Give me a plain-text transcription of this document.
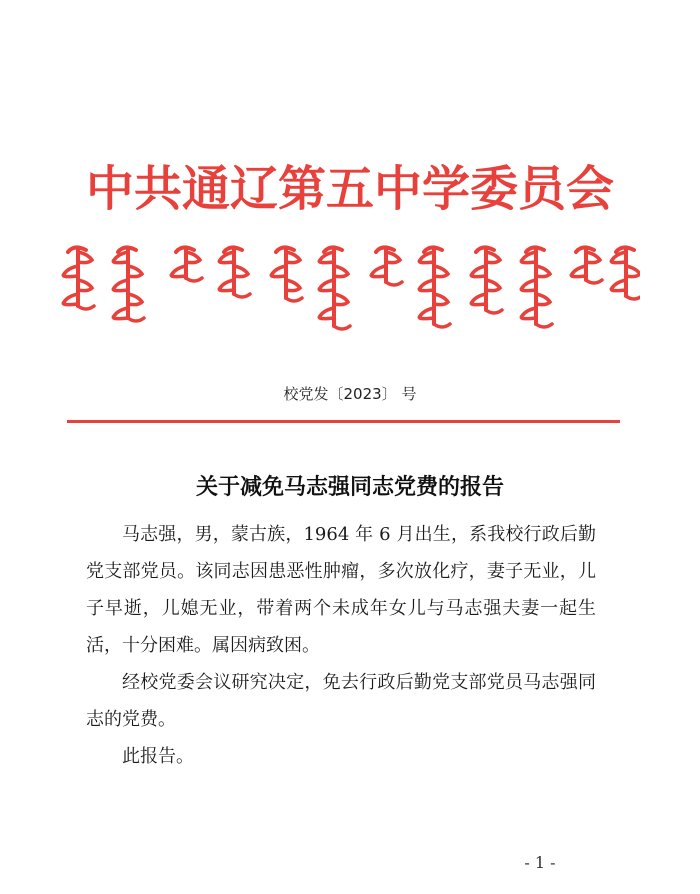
中共通辽第五中学委员会
校党发〔2023〕 号
关于减免马志强同志党费的报告

马志强，男，蒙古族，1964 年 6 月出生，系我校行政后勤党支部党员。该同志因患恶性肿瘤，多次放化疗，妻子无业，儿子早逝，儿媳无业，带着两个未成年女儿与马志强夫妻一起生活，十分困难。属因病致困。

经校党委会议研究决定，免去行政后勤党支部党员马志强同志的党费。

此报告。

- 1 -
